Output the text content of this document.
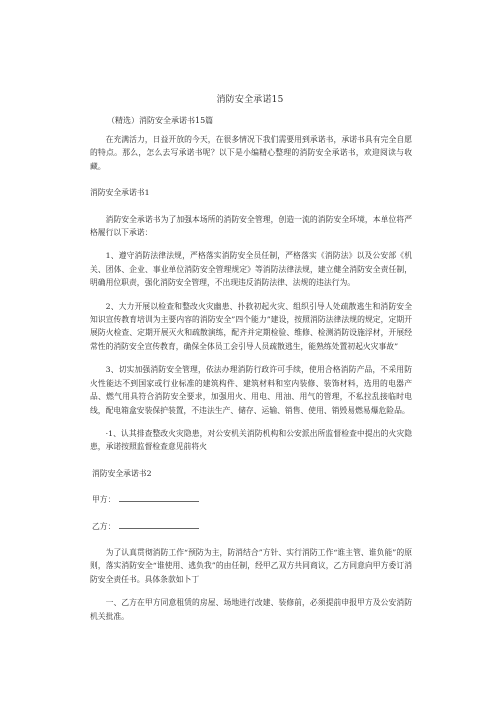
消防安全承诺15
（精选）消防安全承诺书15篇

在充满活力，日益开放的今天，在很多情况下我们需要用到承诺书，承诺书具有完全自愿的特点。那么，怎么去写承诺书呢？以下是小编精心整理的消防安全承诺书，欢迎阅读与收藏。

消防安全承诺书1

消防安全承诺书为了加强本场所的消防安全管理，创造一流的消防安全环境，本单位将严格履行以下承诺：

1、遵守消防法律法规，严格落实消防安全员任制，严格落实《消防法》以及公安部《机关、团体、企业、事业单位消防安全管理规定》等消防法律法规，建立健全消防安全责任制，明确用位职责，强化消防安全管理，不出现违反消防法律、法规的违法行为。

2、大力开展以检查和整改火灾幽患、扑救初起火灾、组织引导人处疏散逃生和消防安全知识宣传教育培训为主要内容的消防安全”四个能力”建设，按照消防法律法规的规定，定期开展防火检查、定期开展灭火和疏散演练，配齐并定期检验、维修、检测消防设施浮材，开展经常性的消防安全宣传教育，确保全体员工会引导人员疏散逃生，能熟练处置初起火灾事故”

3、切实加强消防安全管理，依法办理消防行政许可手续，使用合格消防产品，不采用防火性能达不到国家或行业标准的建筑构件、建筑材料和室内装修、装饰材料，选用的电器产品、燃气用具符合消防安全要求，加强用火、用电、用油、用气的管理，不私拉乱接临时电线，配电箱盒安装保护装置，不违法生产、储存、运输、销售、使用、销毁易燃易爆危险品。

·1、认其排查整改火灾隐患，对公安机关消防机构和公安派出所监督检查中提出的火灾隐患，承诺按照监督检查意见前将火

消防安全承诺书2

甲方：

乙方：

为了认真贯彻消防工作“预防为主，防消结合”方针、实行消防工作“谁主管、谁负能”的原则，落实消防安全“谁使用、逃负我”的由任制，经甲乙双方共同商议，乙方同意向甲方委订消防安全责任书。具体条款如卜丁

一、乙方在甲方同意租赁的房屋、场地进行改建、装修前，必须提前申报甲方及公安消防机关批准。
